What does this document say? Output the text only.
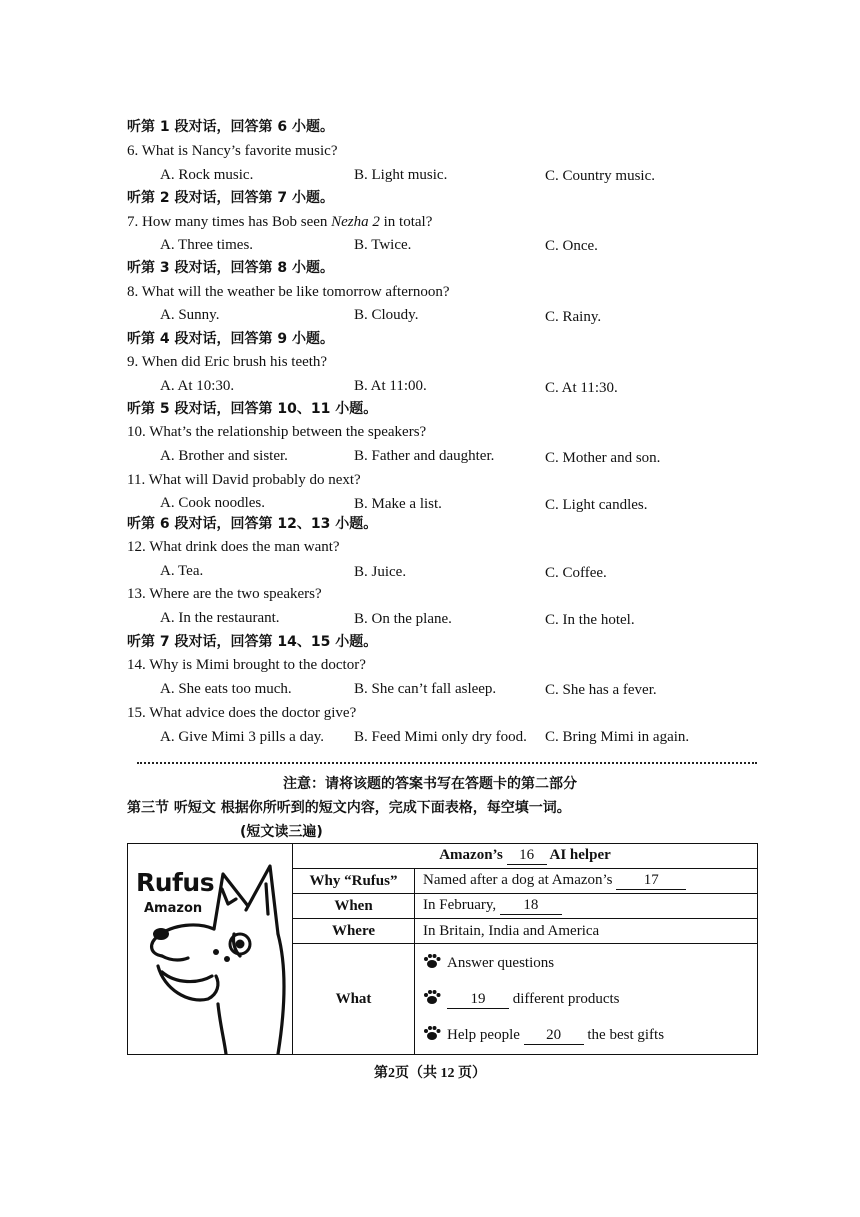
听第 1 段对话，回答第 6 小题。
6. What is Nancy’s favorite music?
A. Rock music.	B. Light music.	C. Country music.
听第 2 段对话，回答第 7 小题。
7. How many times has Bob seen Nezha 2 in total?
A. Three times.	B. Twice.	C. Once.
听第 3 段对话，回答第 8 小题。
8. What will the weather be like tomorrow afternoon?
A. Sunny.	B. Cloudy.	C. Rainy.
听第 4 段对话，回答第 9 小题。
9. When did Eric brush his teeth?
A. At 10:30.	B. At 11:00.	C. At 11:30.
听第 5 段对话，回答第 10、11 小题。
10. What’s the relationship between the speakers?
A. Brother and sister.	B. Father and daughter.	C. Mother and son.
11. What will David probably do next?
A. Cook noodles.	B. Make a list.	C. Light candles.
听第 6 段对话，回答第 12、13 小题。
12. What drink does the man want?
A. Tea.	B. Juice.	C. Coffee.
13. Where are the two speakers?
A. In the restaurant.	B. On the plane.	C. In the hotel.
听第 7 段对话，回答第 14、15 小题。
14. Why is Mimi brought to the doctor?
A. She eats too much.	B. She can’t fall asleep.	C. She has a fever.
15. What advice does the doctor give?
A. Give Mimi 3 pills a day. B. Feed Mimi only dry food. C. Bring Mimi in again.
注意：请将该题的答案书写在答题卡的第二部分
第三节 听短文 根据你所听到的短文内容，完成下面表格，每空填一词。
(短文读三遍)
Rufus
Amazon	Amazon’s 16 AI helper	
	Why “Rufus”	Named after a dog at Amazon’s 17
	When	In February, 18
	Where	In Britain, India and America
	What	Answer questions
19 different products
Help people 20 the best gifts
第2页（共 12 页）
